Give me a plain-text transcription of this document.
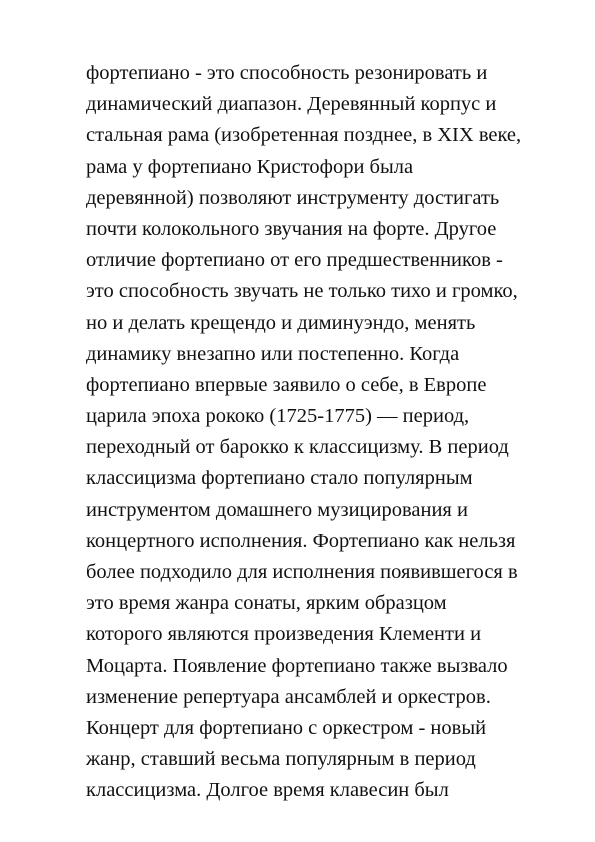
фортепиано - это способность резонировать и
динамический диапазон. Деревянный корпус и
стальная рама (изобретенная позднее, в XIX веке,
рама у фортепиано Кристофори была
деревянной) позволяют инструменту достигать
почти колокольного звучания на форте. Другое
отличие фортепиано от его предшественников -
это способность звучать не только тихо и громко,
но и делать крещендо и диминуэндо, менять
динамику внезапно или постепенно. Когда
фортепиано впервые заявило о себе, в Европе
царила эпоха рококо (1725-1775) — период,
переходный от барокко к классицизму. В период
классицизма фортепиано стало популярным
инструментом домашнего музицирования и
концертного исполнения. Фортепиано как нельзя
более подходило для исполнения появившегося в
это время жанра сонаты, ярким образцом
которого являются произведения Клементи и
Моцарта. Появление фортепиано также вызвало
изменение репертуара ансамблей и оркестров.
Концерт для фортепиано с оркестром - новый
жанр, ставший весьма популярным в период
классицизма. Долгое время клавесин был
